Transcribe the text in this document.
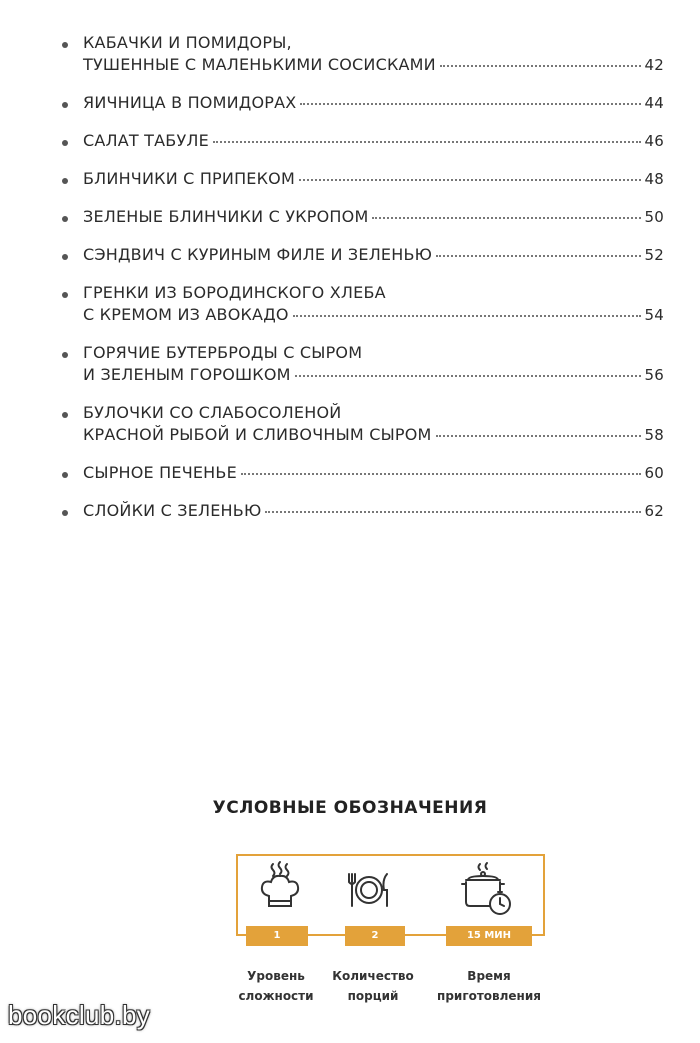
КАБАЧКИ И ПОМИДОРЫ,
ТУШЕННЫЕ С МАЛЕНЬКИМИ СОСИСКАМИ	42
ЯИЧНИЦА В ПОМИДОРАХ	44
САЛАТ ТАБУЛЕ	46
БЛИНЧИКИ С ПРИПЕКОМ	48
ЗЕЛЕНЫЕ БЛИНЧИКИ С УКРОПОМ	50
СЭНДВИЧ С КУРИНЫМ ФИЛЕ И ЗЕЛЕНЬЮ	52
ГРЕНКИ ИЗ БОРОДИНСКОГО ХЛЕБА
С КРЕМОМ ИЗ АВОКАДО	54
ГОРЯЧИЕ БУТЕРБРОДЫ С СЫРОМ
И ЗЕЛЕНЫМ ГОРОШКОМ	56
БУЛОЧКИ СО СЛАБОСОЛЕНОЙ
КРАСНОЙ РЫБОЙ И СЛИВОЧНЫМ СЫРОМ	58
СЫРНОЕ ПЕЧЕНЬЕ	60
СЛОЙКИ С ЗЕЛЕНЬЮ	62
УСЛОВНЫЕ ОБОЗНАЧЕНИЯ
1	2	15 МИН
Уровень
сложности
Количество
порций
Время
приготовления
bookclub.by
